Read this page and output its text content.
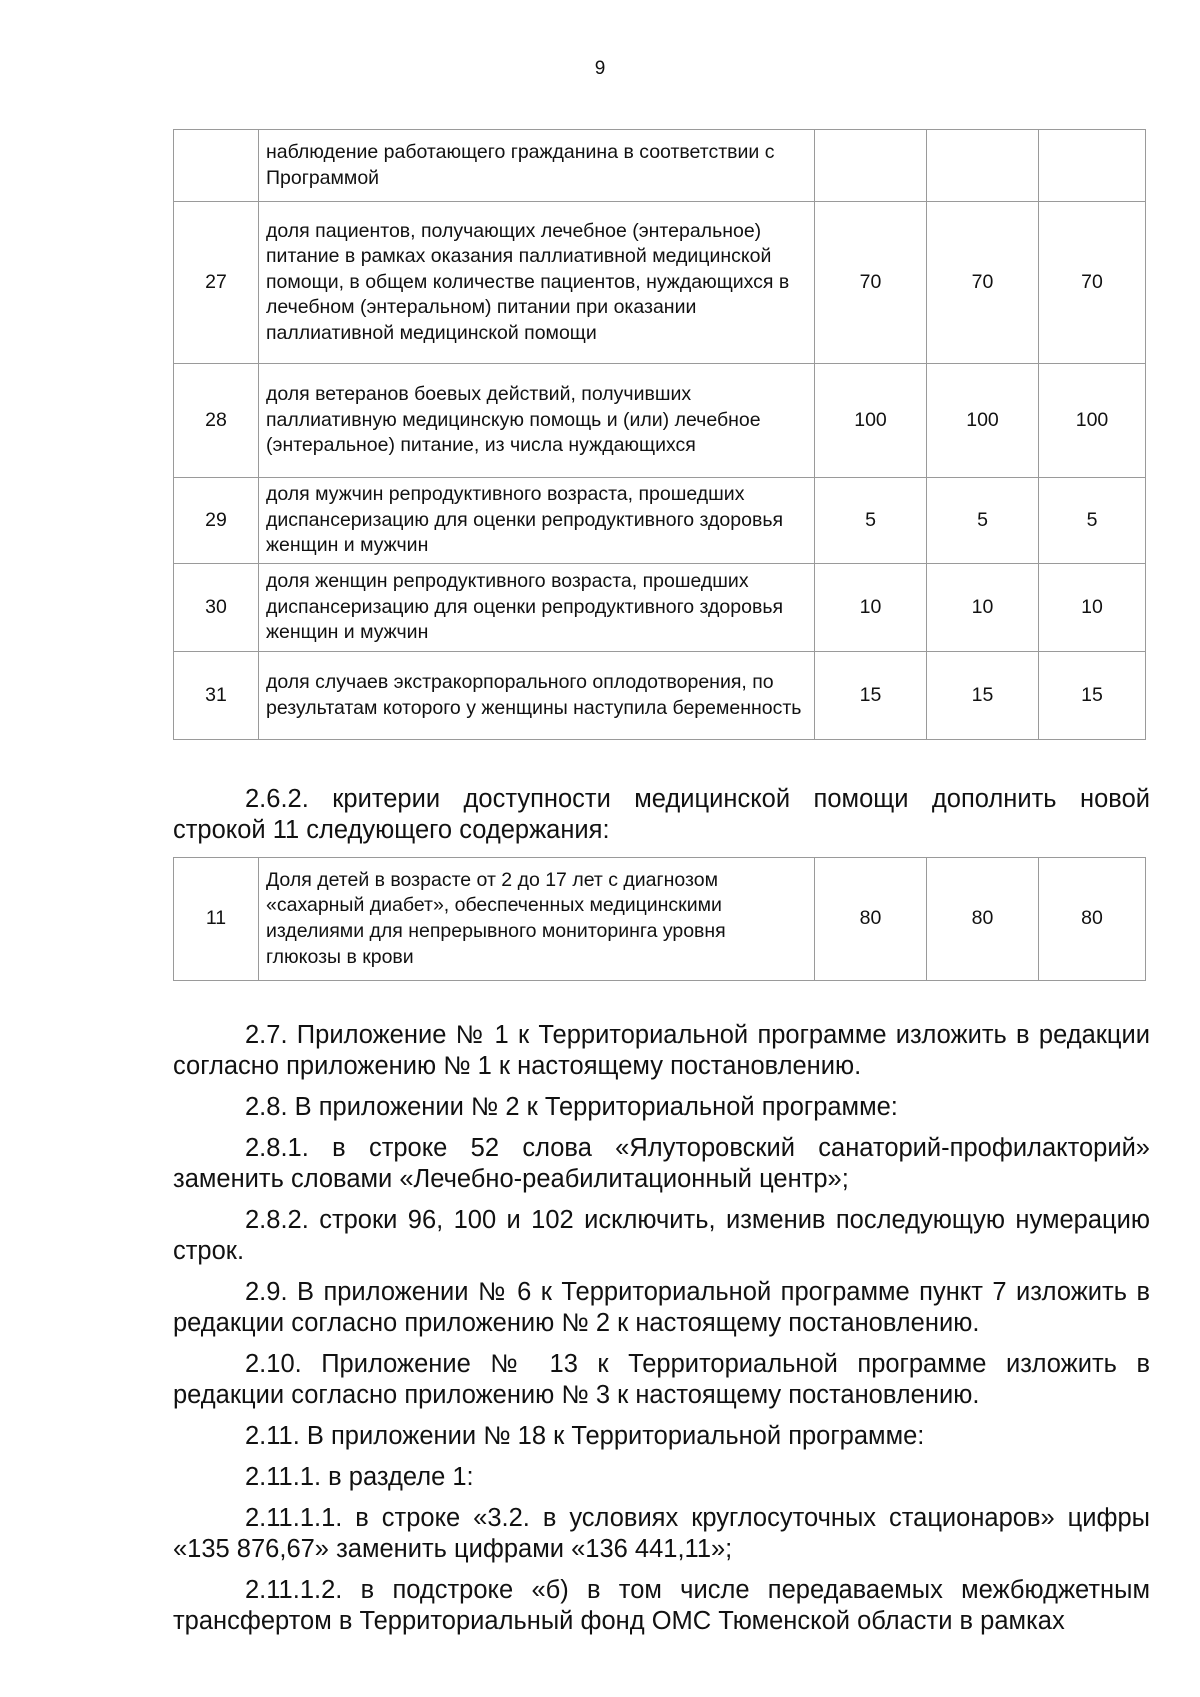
9
	наблюдение работающего гражданина в соответствии с Программой			
27	доля пациентов, получающих лечебное (энтеральное) питание в рамках оказания паллиативной медицинской помощи, в общем количестве пациентов, нуждающихся в лечебном (энтеральном) питании при оказании паллиативной медицинской помощи	70	70	70
28	доля ветеранов боевых действий, получивших паллиативную медицинскую помощь и (или) лечебное (энтеральное) питание, из числа нуждающихся	100	100	100
29	доля мужчин репродуктивного возраста, прошедших диспансеризацию для оценки репродуктивного здоровья женщин и мужчин	5	5	5
30	доля женщин репродуктивного возраста, прошедших диспансеризацию для оценки репродуктивного здоровья женщин и мужчин	10	10	10
31	доля случаев экстракорпорального оплодотворения, по результатам которого у женщины наступила беременность	15	15	15

2.6.2. критерии доступности медицинской помощи дополнить новой строкой 11 следующего содержания:

11	Доля детей в возрасте от 2 до 17 лет с диагнозом «сахарный диабет», обеспеченных медицинскими изделиями для непрерывного мониторинга уровня глюкозы в крови	80	80	80

2.7. Приложение № 1 к Территориальной программе изложить в редакции согласно приложению № 1 к настоящему постановлению.

2.8. В приложении № 2 к Территориальной программе:

2.8.1. в строке 52 слова «Ялуторовский санаторий-профилакторий» заменить словами «Лечебно-реабилитационный центр»;

2.8.2. строки 96, 100 и 102 исключить, изменив последующую нумерацию строк.

2.9. В приложении № 6 к Территориальной программе пункт 7 изложить в редакции согласно приложению № 2 к настоящему постановлению.

2.10. Приложение № 13 к Территориальной программе изложить в редакции согласно приложению № 3 к настоящему постановлению.

2.11. В приложении № 18 к Территориальной программе:

2.11.1. в разделе 1:

2.11.1.1. в строке «3.2. в условиях круглосуточных стационаров» цифры «135 876,67» заменить цифрами «136 441,11»;

2.11.1.2. в подстроке «б) в том числе передаваемых межбюджетным трансфертом в Территориальный фонд ОМС Тюменской области в рамках
